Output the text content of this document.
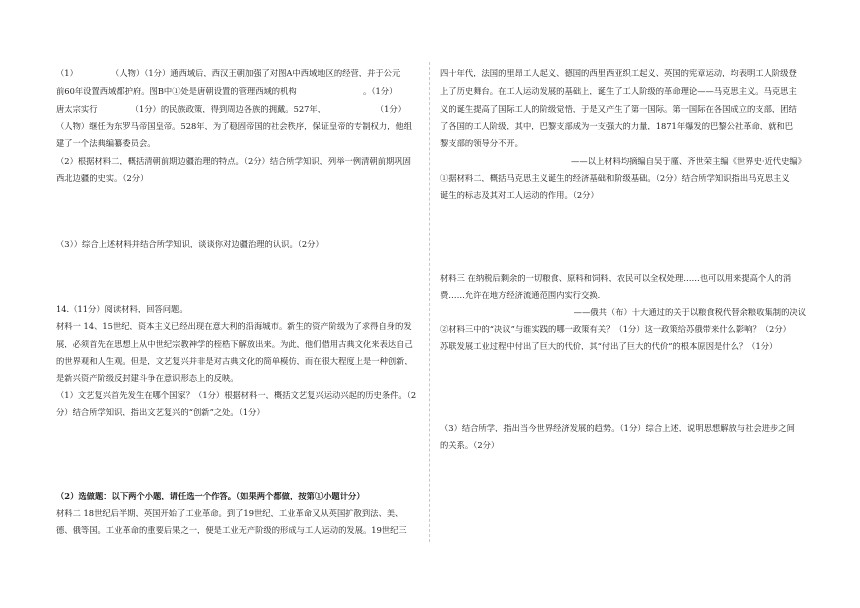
（1）________（人物）（1分）通西域后，西汉王朝加强了对图A中西域地区的经营，并于公元
前60年设置西域都护府。图B中①处是唐朝设置的管理西域的机构________________。（1分）
唐太宗实行________（1分）的民族政策，得到周边各族的拥戴。527年，____________（1分）
（人物）继任为东罗马帝国皇帝。528年，为了稳固帝国的社会秩序，保证皇帝的专制权力，他组
建了一个法典编纂委员会。
（2）根据材料二，概括清朝前期边疆治理的特点。（2分）结合所学知识，列举一例清朝前期巩固
西北边疆的史实。（2分）
（3））综合上述材料并结合所学知识，谈谈你对边疆治理的认识。（2分）
14.（11分）阅读材料，回答问题。
材料一 14、15世纪，资本主义已经出现在意大利的沿海城市。新生的资产阶级为了求得自身的发
展，必须首先在思想上从中世纪宗教神学的桎梏下解放出来。为此，他们借用古典文化来表达自己
的世界观和人生观。但是，文艺复兴并非是对古典文化的简单模仿，而在很大程度上是一种创新，
是新兴资产阶级反封建斗争在意识形态上的反映。
（1）文艺复兴首先发生在哪个国家？（1分）根据材料一，概括文艺复兴运动兴起的历史条件。（2
分）结合所学知识，指出文艺复兴的“创新”之处。（1分）
（2）选做题：以下两个小题，请任选一个作答。（如果两个都做，按第①小题计分）
材料二 18世纪后半期，英国开始了工业革命。到了19世纪，工业革命又从英国扩散到法、美、
德、俄等国。工业革命的重要后果之一，便是工业无产阶级的形成与工人运动的发展。19世纪三
四十年代，法国的里昂工人起义、德国的西里西亚织工起义、英国的宪章运动，均表明工人阶级登
上了历史舞台。在工人运动发展的基础上，诞生了工人阶级的革命理论——马克思主义。马克思主
义的诞生提高了国际工人的阶级觉悟，于是又产生了第一国际。第一国际在各国成立的支部，团结
了各国的工人阶级，其中，巴黎支部成为一支强大的力量，1871年爆发的巴黎公社革命，就和巴
黎支部的领导分不开。
——以上材料均摘编自吴于廑、齐世荣主编《世界史·近代史编》
①据材料二，概括马克思主义诞生的经济基础和阶级基础。（2分）结合所学知识指出马克思主义
诞生的标志及其对工人运动的作用。（2分）
材料三 在纳税后剩余的一切粮食、原料和饲料，农民可以全权处理……也可以用来提高个人的消
费……允许在地方经济流通范围内实行交换.
——俄共（布）十大通过的关于以粮食税代替余粮收集制的决议
②材料三中的“决议”与谁实践的哪一政策有关？（1分）这一政策给苏俄带来什么影响？（2分）
苏联发展工业过程中付出了巨大的代价，其“付出了巨大的代价”的根本原因是什么？（1分）
（3）结合所学，指出当今世界经济发展的趋势。（1分）综合上述，说明思想解放与社会进步之间
的关系。（2分）
